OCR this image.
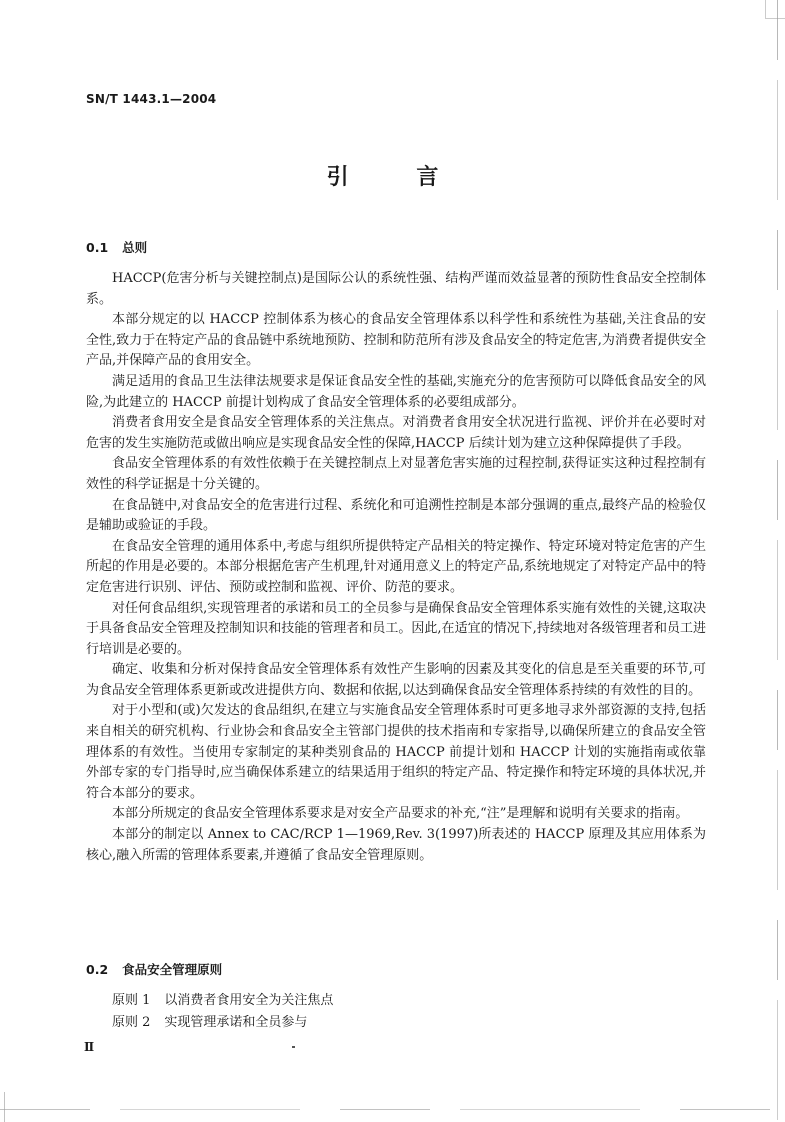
SN/T 1443.1—2004
引 言
0.1 总则

HACCP(危害分析与关键控制点)是国际公认的系统性强、结构严谨而效益显著的预防性食品安全控制体系。

本部分规定的以 HACCP 控制体系为核心的食品安全管理体系以科学性和系统性为基础,关注食品的安全性,致力于在特定产品的食品链中系统地预防、控制和防范所有涉及食品安全的特定危害,为消费者提供安全产品,并保障产品的食用安全。

满足适用的食品卫生法律法规要求是保证食品安全性的基础,实施充分的危害预防可以降低食品安全的风险,为此建立的 HACCP 前提计划构成了食品安全管理体系的必要组成部分。

消费者食用安全是食品安全管理体系的关注焦点。对消费者食用安全状况进行监视、评价并在必要时对危害的发生实施防范或做出响应是实现食品安全性的保障,HACCP 后续计划为建立这种保障提供了手段。

食品安全管理体系的有效性依赖于在关键控制点上对显著危害实施的过程控制,获得证实这种过程控制有效性的科学证据是十分关键的。

在食品链中,对食品安全的危害进行过程、系统化和可追溯性控制是本部分强调的重点,最终产品的检验仅是辅助或验证的手段。

在食品安全管理的通用体系中,考虑与组织所提供特定产品相关的特定操作、特定环境对特定危害的产生所起的作用是必要的。本部分根据危害产生机理,针对通用意义上的特定产品,系统地规定了对特定产品中的特定危害进行识别、评估、预防或控制和监视、评价、防范的要求。

对任何食品组织,实现管理者的承诺和员工的全员参与是确保食品安全管理体系实施有效性的关键,这取决于具备食品安全管理及控制知识和技能的管理者和员工。因此,在适宜的情况下,持续地对各级管理者和员工进行培训是必要的。

确定、收集和分析对保持食品安全管理体系有效性产生影响的因素及其变化的信息是至关重要的环节,可为食品安全管理体系更新或改进提供方向、数据和依据,以达到确保食品安全管理体系持续的有效性的目的。

对于小型和(或)欠发达的食品组织,在建立与实施食品安全管理体系时可更多地寻求外部资源的支持,包括来自相关的研究机构、行业协会和食品安全主管部门提供的技术指南和专家指导,以确保所建立的食品安全管理体系的有效性。当使用专家制定的某种类别食品的 HACCP 前提计划和 HACCP 计划的实施指南或依靠外部专家的专门指导时,应当确保体系建立的结果适用于组织的特定产品、特定操作和特定环境的具体状况,并符合本部分的要求。

本部分所规定的食品安全管理体系要求是对安全产品要求的补充,“注”是理解和说明有关要求的指南。

本部分的制定以 Annex to CAC/RCP 1—1969,Rev. 3(1997)所表述的 HACCP 原理及其应用体系为核心,融入所需的管理体系要素,并遵循了食品安全管理原则。

0.2 食品安全管理原则
原则 1 以消费者食用安全为关注焦点
原则 2 实现管理承诺和全员参与
Ⅱ
